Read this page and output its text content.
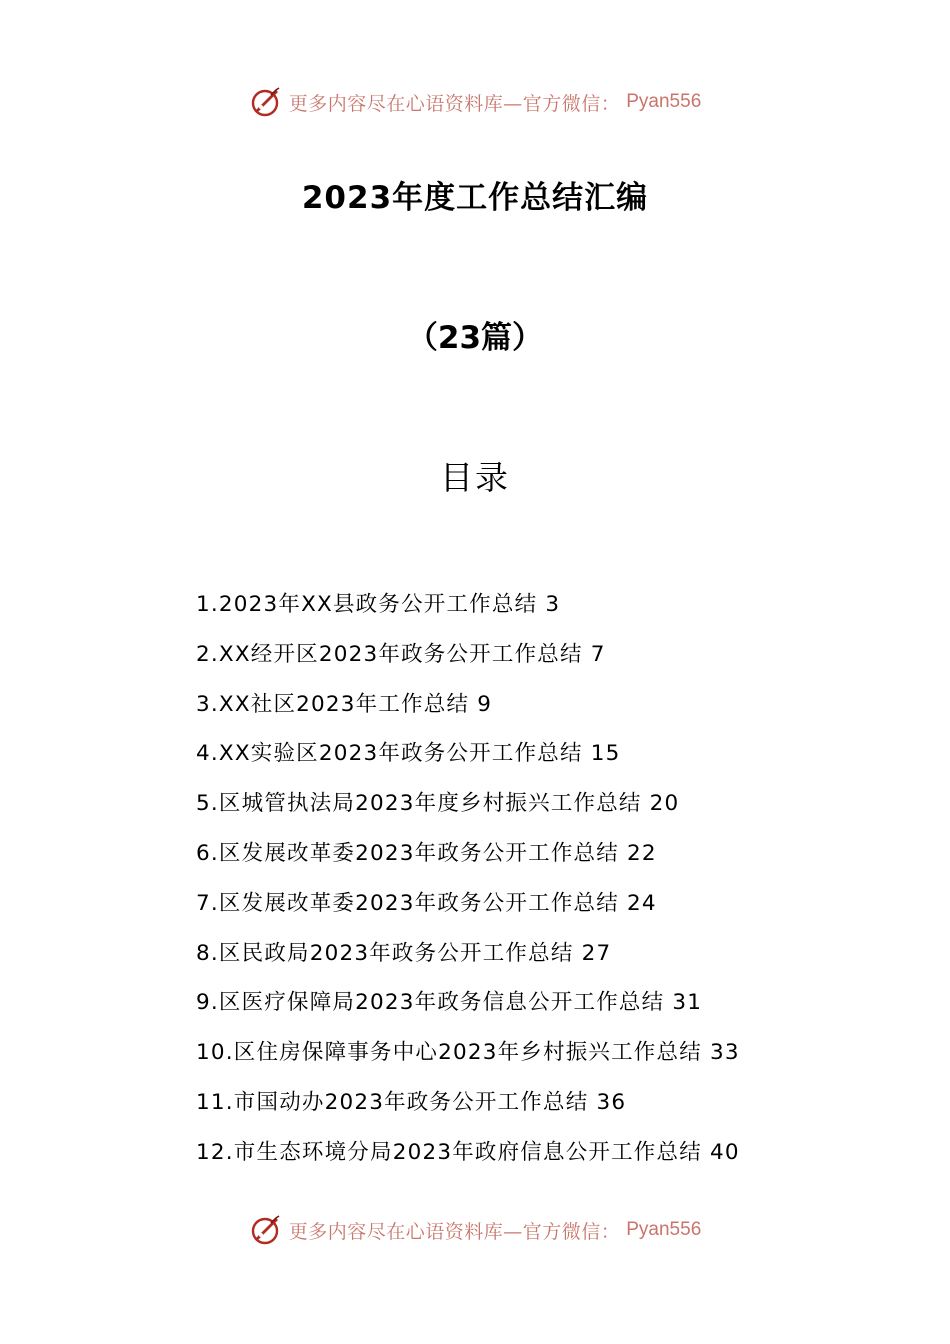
更多内容尽在心语资料库—官方微信： Pyan556
2023年度工作总结汇编
（23篇）
目录
1.2023年XX县政务公开工作总结 3
2.XX经开区2023年政务公开工作总结 7
3.XX社区2023年工作总结 9
4.XX实验区2023年政务公开工作总结 15
5.区城管执法局2023年度乡村振兴工作总结 20
6.区发展改革委2023年政务公开工作总结 22
7.区发展改革委2023年政务公开工作总结 24
8.区民政局2023年政务公开工作总结 27
9.区医疗保障局2023年政务信息公开工作总结 31
10.区住房保障事务中心2023年乡村振兴工作总结 33
11.市国动办2023年政务公开工作总结 36
12.市生态环境分局2023年政府信息公开工作总结 40
更多内容尽在心语资料库—官方微信： Pyan556
